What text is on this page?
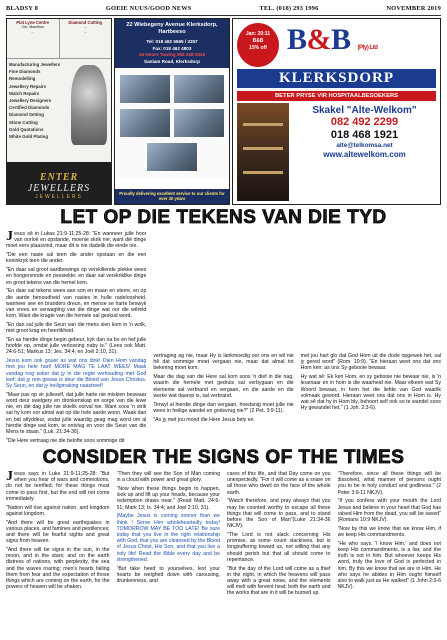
BLADSY 8	GOEIE NUUS/GOOD NEWS	TEL. (018) 293 1996	NOVEMBER 2019
Plat Lyne Centre
Cnr. Mauritius
...
Diamond Cutting
...
...
Manufacturing Jewellers
Fine Diamonds
Remodelling
Jewellery Repairs
Watch Repairs
Jewellery Designers
Certified Diamonds
Diamond Setting
Stone Cutting
Gold Quotations
White Gold Plating
ENTER JEWELLERS
JEWELLERS
22 Wiebegeny Avenue Klerksdorp, Hartbeeso
Tel: 018 462 5565 / 3257
Fax: 018 462 4803
24 Hours Towing 083 268 2616
Sanlam Road, Klerksdorp
Proudly delivering excellent service to our clients for over 30 years
Jan: 20:11
B&B
15% off B&B (Pty) Ltd
KLERKSDORP
BETER PRYSE VIR HOSPITAALBESOEKERS
Skakel "Alte-Welkom"
082 492 2299
018 468 1921
alte@telkomsa.net
www.altewelkom.com
LET OP DIE TEKENS VAN DIE TYD

Jesus sê in Lukas 21:9-11:25-28: "En wanneer julle hoor van oorloë en opstande, moenie skrik nie; want dié dinge moet eers plaasvind, maar dit is nie dadelik die einde nie.

"Die een nasie sal teen die ander opstaan en die een koninkryk teen die ander.

"En daar sal groot aardbewings op verskillende plekke wees en hongersnode en pessiekte; en daar sal verskriklike dinge en groot tekens van die hemel kom.

"En daar sal tekens wees aan son en maan en sterre, en op die aarde benoudheid van nasies in hulle radeloosheid, wanneer see en branders dreun, en mense se harte beswyk van vrees en verwagting van die dinge wat oor die wêreld kom. Want die kragte van die hemele sal geskud word.

"En dan sal julle die Seun van die mens sien kom in 'n wolk, met groot krag en heerlikheid.

"En as hierdie dinge begin gebeur, kyk dan na bo en hef julle hoofde op, omdat julle verlossing naby is." (Lees ook Matt. 24:6-51; Markus 13; Jes. 34:4; en Joël 2:10, 31).

Jesus kom ook gouer as wat ons dink! Dien Hom vandag met jou hele hart! MORE MAG TE LAAT WEES! Maak vandag nog seker dat jy in die regte verhouding met God leef; dat jy rein gewas is deur die Bloed van Jesus Christus. Sy Seun, en dat jy heiligmaking naastreef!

"Maar pas op vir julleself, dat julle harte nie miskien beswaar word deur swelgery en dronkenskap en sorge van die lewe nie, en dié dag julle nie skielik oorval nie. Want soos 'n strik sal hy kom oor almal wat op die hele aarde woon. Waak dan en bid altyddeur, sodat julle waardig geag mag word om al hierdie dinge wat kom, te ontvlug en voor die Seun van die Mens te staan." (Luk. 21:34-36).

"Die Here vertraag nie die belofte soos sommige dit

vertraging ag nie, maar Hy is lankmoedig oor ons en wil nie hê dat sommige moet vergaan nie, maar dat almal tot bekering moet kom.

Maar die dag van die Here sal kom soos 'n dief in die nag, waarin die hemele met gedruis sal verbygaan en die elemente sal verbrand en vergaan, en die aarde en die werke wat daarop is, sal verbrand.

Terwyl al hierdie dinge dan vergaan, hoedanig moet julle nie wees in heilige wandel en godsvrug nie?" (2 Pet. 3:9-11).

"As jy met jou mond die Here Jesus bely en

met jou hart glo dat God Hom uit die dode opgewek het, sal jy gered word" (Rom. 10:9). "En hieraan weet ons dat ons Hom ken: as ons Sy gebooie bewaar.

Hy wat sê: Ek ken Hom, en sy gebooie nie bewaar nie, is 'n leuenaar en in hom is die waarheid nie. Maar elkeen wat Sy Woord bewaar, in hom het die liefde van God waarlik volmaak geword. Hieraan weet ons dat ons in Hom is. Hy wat sê dat hy in Hom bly, behoort self ook so te wandel soos Hy gewandel het." (1 Joh. 2:3-6).

CONSIDER THE SIGNS OF THE TIMES

Jesus says in Luke 21:9-11;25-28: "But when you hear of wars and commotions, do not be terrified; for these things must come to pass first, but the end will not come immediately.

"Nation will rise against nation, and kingdom against kingdom.

"And there will be great earthquakes in various places, and famines and pestilences; and there will be fearful sights and great signs from heaven.

"And there will be signs in the sun, in the moon, and in the stars; and on the earth distress of nations, with perplexity, the sea and the waves roaring; men's hearts failing them from fear and the expectation of those things which are coming on the earth, for the powers of heaven will be shaken.

"Then they will see the Son of Man coming in a cloud with power and great glory.

"Now when these things begin to happen, look up and lift up your heads, because your redemption draws near." (Read Matt. 24:6-51; Mark 13; Is. 34:4; and Joel 2:10, 31).

(Maybe Jesus is coming sooner than we think ! Serve Him wholeheartedly today! TOMORROW MAY BE TOO LATE! Be sure today that you live in the right relationship with God, that you are cleansed by the Blood of Jesus Christ, His Son, and that you live a holy life! Read the Bible every day and be strengthened.

"But take heed to yourselves, lest your hearts be weighed down with carousing, drunkenness, and

cares of this life, and that Day come on you unexpectedly. "For it will come as a snare on all those who dwell on the face of the whole earth.

"Watch therefore, and pray always that you may be counted worthy to escape all these things that will come to pass, and to stand before the Son of Man"(Luke 21:34-36 NKJV).

"The Lord is not slack concerning His promise, as some count slackness, but is longsuffering toward us, not willing that any should perish but that all should come to repentance.

"But the day of the Lord will come as a thief in the night, in which the heavens will pass away with a great noise, and the elements will melt with fervent heat; both the earth and the works that are in it will be burned up.

"Therefore, since all these things will be dissolved, what manner of persons ought you to be in holy conduct and godliness." (2 Peter 3:9-11 NKJV).

"If you confess with your mouth the Lord Jesus and believe in your heart that God has raised Him from the dead, you will be saved" (Romans 10:9 NKJV).

"Now by this we know that we know Him, if we keep His commandments.

"He who says, 'I know Him,' and does not keep His commandments, is a liar, and the truth is not in him. But whoever keeps His word, truly the love of God is perfected in him. By this we know that we are in Him. He who says he abides in Him ought himself also to walk just as He walked" (1 John 2:3-6 NKJV).
